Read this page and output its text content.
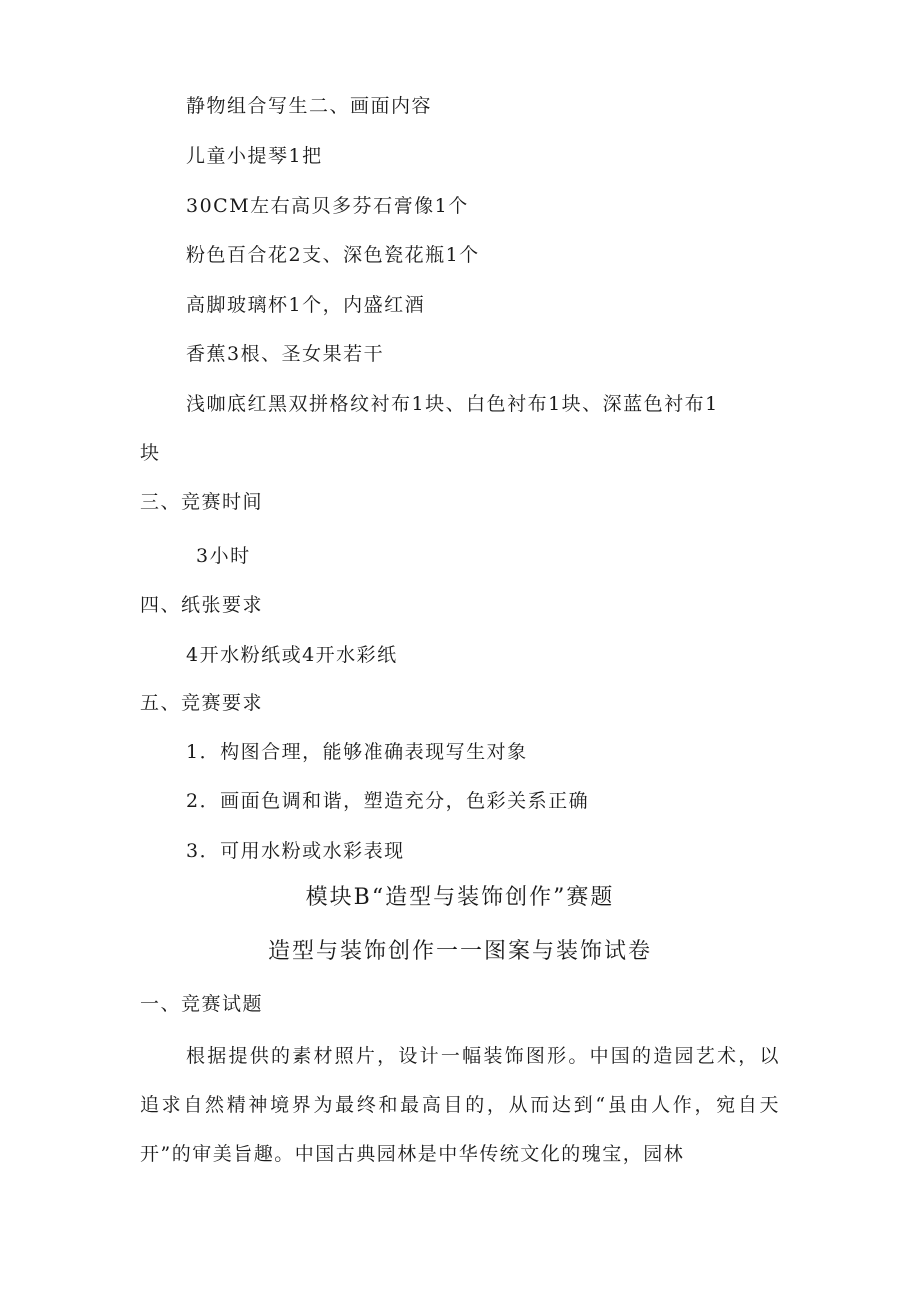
静物组合写生二、画面内容
儿童小提琴1把
30CM左右高贝多芬石膏像1个
粉色百合花2支、深色瓷花瓶1个
高脚玻璃杯1个，内盛红酒
香蕉3根、圣女果若干
浅咖底红黑双拼格纹衬布1块、白色衬布1块、深蓝色衬布1
块
三、竞赛时间
3小时
四、纸张要求
4开水粉纸或4开水彩纸
五、竞赛要求
1．构图合理，能够准确表现写生对象
2．画面色调和谐，塑造充分，色彩关系正确
3．可用水粉或水彩表现
模块B“造型与装饰创作”赛题
造型与装饰创作一一图案与装饰试卷
一、竞赛试题
根据提供的素材照片，设计一幅装饰图形。中国的造园艺术，以追求自然精神境界为最终和最高目的，从而达到“虽由人作，宛自天开”的审美旨趣。中国古典园林是中华传统文化的瑰宝，园林
